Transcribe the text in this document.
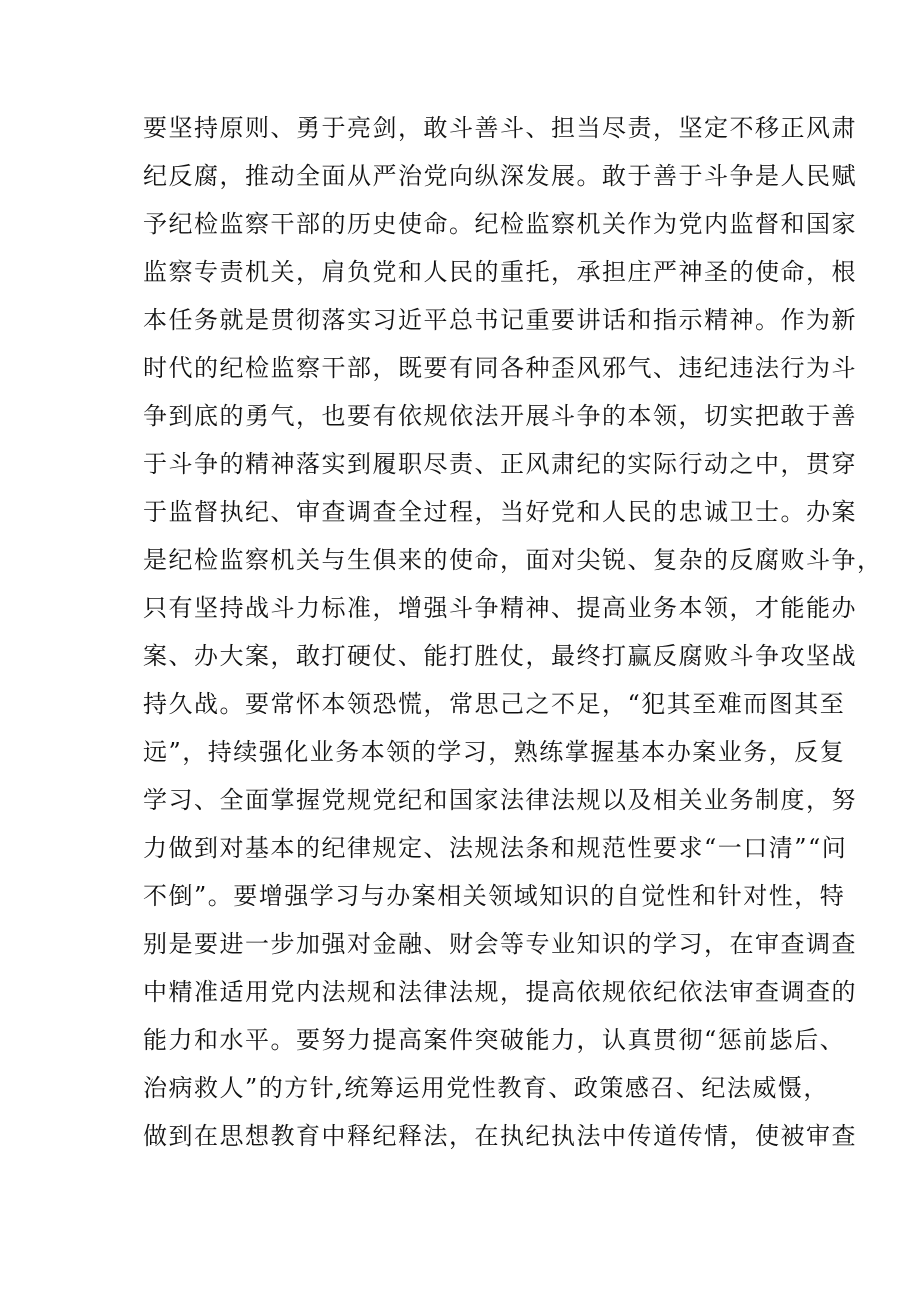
要坚持原则、勇于亮剑，敢斗善斗、担当尽责，坚定不移正风肃
纪反腐，推动全面从严治党向纵深发展。敢于善于斗争是人民赋
予纪检监察干部的历史使命。纪检监察机关作为党内监督和国家
监察专责机关，肩负党和人民的重托，承担庄严神圣的使命，根
本任务就是贯彻落实习近平总书记重要讲话和指示精神。作为新
时代的纪检监察干部，既要有同各种歪风邪气、违纪违法行为斗
争到底的勇气，也要有依规依法开展斗争的本领，切实把敢于善
于斗争的精神落实到履职尽责、正风肃纪的实际行动之中，贯穿
于监督执纪、审查调查全过程，当好党和人民的忠诚卫士。办案
是纪检监察机关与生俱来的使命，面对尖锐、复杂的反腐败斗争，
只有坚持战斗力标准，增强斗争精神、提高业务本领，才能能办
案、办大案，敢打硬仗、能打胜仗，最终打赢反腐败斗争攻坚战
持久战。要常怀本领恐慌，常思己之不足，“犯其至难而图其至
远”，持续强化业务本领的学习，熟练掌握基本办案业务，反复
学习、全面掌握党规党纪和国家法律法规以及相关业务制度，努
力做到对基本的纪律规定、法规法条和规范性要求“一口清”“问
不倒”。要增强学习与办案相关领域知识的自觉性和针对性，特
别是要进一步加强对金融、财会等专业知识的学习，在审查调查
中精准适用党内法规和法律法规，提高依规依纪依法审查调查的
能力和水平。要努力提高案件突破能力，认真贯彻“惩前毖后、
治病救人”的方针,统筹运用党性教育、政策感召、纪法威慑，
做到在思想教育中释纪释法，在执纪执法中传道传情，使被审查
